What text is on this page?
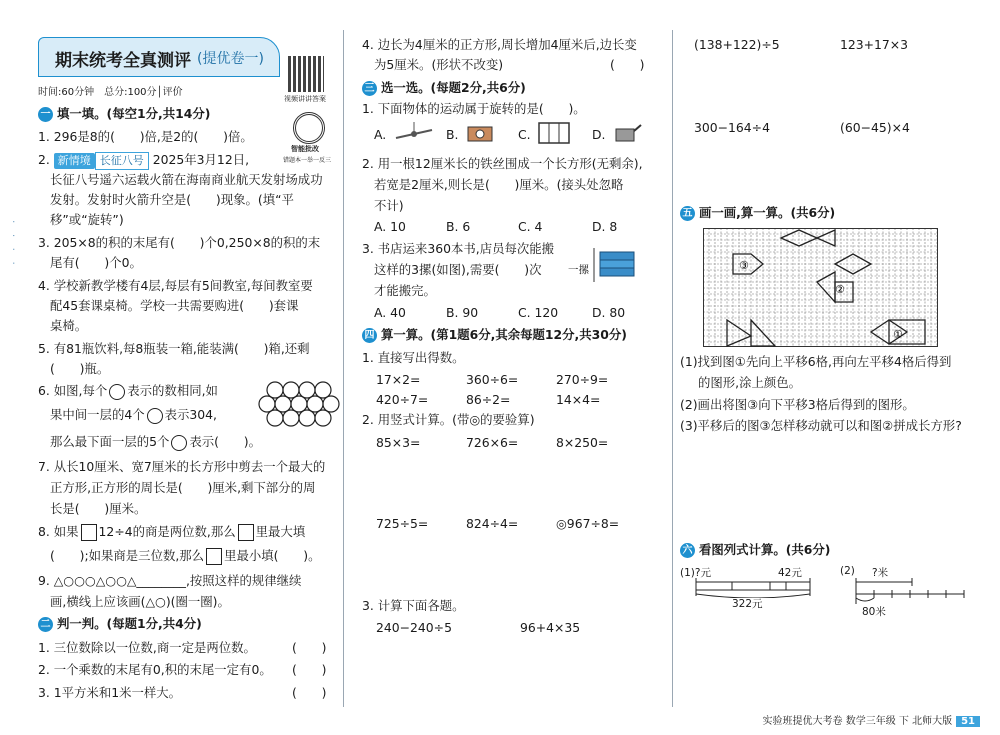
·　·　·　·
期末统考全真测评 (提优卷一)
时间:60分钟　总分:100分│评价
视频讲讲答案
智能批改
错题本一举一反三
一 填一填。(每空1分,共14分)
1. 296是8的(　　)倍,是2的(　　)倍。
2. 新情境 长征八号 2025年3月12日,
长征八号遥六运载火箭在海南商业航天发射场成功
发射。发射时火箭升空是(　　)现象。(填“平
移”或“旋转”)
3. 205×8的积的末尾有(　　)个0,250×8的积的末
尾有(　　)个0。
4. 学校新教学楼有4层,每层有5间教室,每间教室要
配45套课桌椅。学校一共需要购进(　　)套课
桌椅。
5. 有81瓶饮料,每8瓶装一箱,能装满(　　)箱,还剩
(　　)瓶。
6. 如图,每个 表示的数相同,如
果中间一层的4个 表示304,
那么最下面一层的5个 表示(　　)。
7. 从长10厘米、宽7厘米的长方形中剪去一个最大的
正方形,正方形的周长是(　　)厘米,剩下部分的周
长是(　　)厘米。
8. 如果 12÷4的商是两位数,那么 里最大填
(　　);如果商是三位数,那么 里最小填(　　)。
9. △○○○△○○△________,按照这样的规律继续
画,横线上应该画(△○)(圈一圈)。
二 判一判。(每题1分,共4分)
1. 三位数除以一位数,商一定是两位数。	(　　)
2. 一个乘数的末尾有0,积的末尾一定有0。 (　　)
3. 1平方米和1米一样大。	(　　)
4. 边长为4厘米的正方形,周长增加4厘米后,边长变
为5厘米。(形状不改变)	(　　)
三 选一选。(每题2分,共6分)
1. 下面物体的运动属于旋转的是(　　)。
A.	B.	C.	D.
2. 用一根12厘米长的铁丝围成一个长方形(无剩余),
若宽是2厘米,则长是(　　)厘米。(接头处忽略
不计)
A. 10	B. 6	C. 4	D. 8
3. 书店运来360本书,店员每次能搬
这样的3摞(如图),需要(　　)次
才能搬完。
一摞
A. 40	B. 90	C. 120	D. 80
四 算一算。(第1题6分,其余每题12分,共30分)
1. 直接写出得数。
17×2=	360÷6=	270÷9=
420÷7=	86÷2=	14×4=
2. 用竖式计算。(带◎的要验算)
85×3=	726×6=	8×250=
725÷5=	824÷4=	◎967÷8=
3. 计算下面各题。
240−240÷5	96+4×35
(138+122)÷5	123+17×3
300−164÷4	(60−45)×4
五 画一画,算一算。(共6分)
③
②
①
(1)找到图①先向上平移6格,再向左平移4格后得到
的图形,涂上颜色。
(2)画出将图③向下平移3格后得到的图形。
(3)平移后的图③怎样移动就可以和图②拼成长方形?
六 看图列式计算。(共6分)
(1)?元	42元
322元
(2) ?米
80米
实验班提优大考卷 数学三年级 下 北师大版 51
